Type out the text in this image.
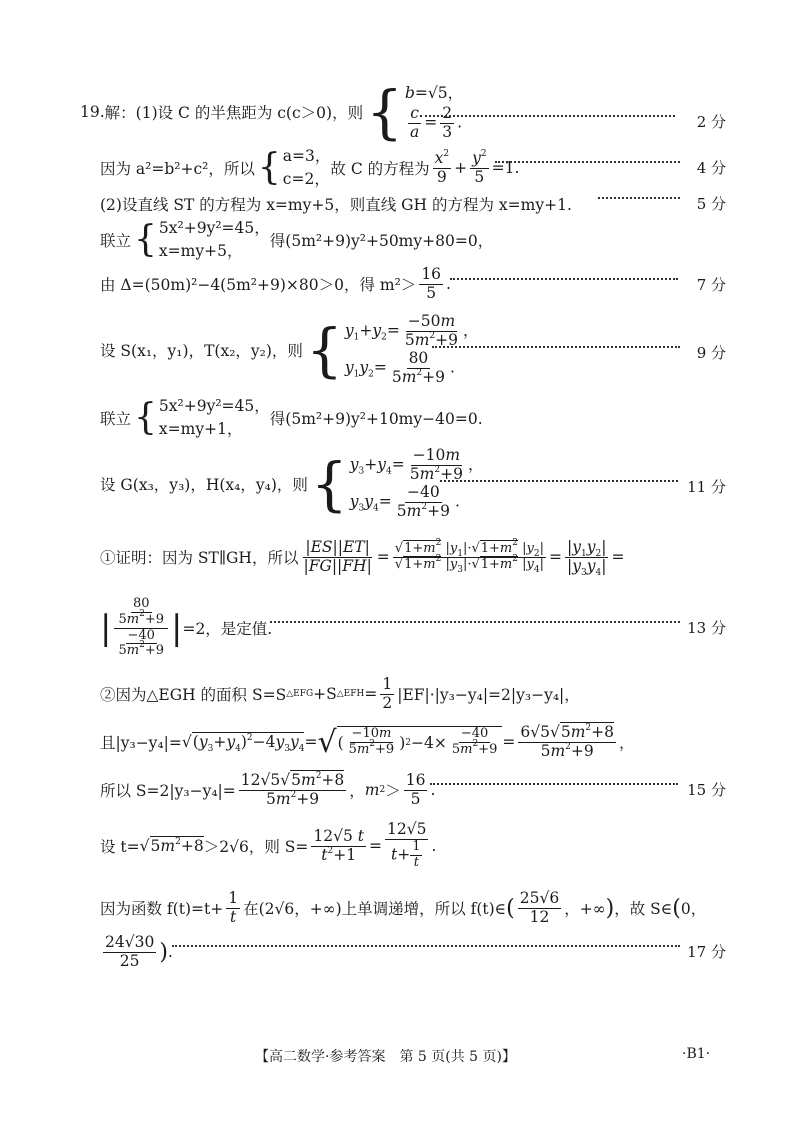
19. 解：(1)设 C 的半焦距为 c(c＞0)，则 { b=√5，
$\frac{c}{a} = \frac{2}{3}$ .	2 分
因为 a²=b²+c²，所以 { a=3，
c=2，
故 C 的方程为 $\frac{x^2}{9} + \frac{y^2}{5} =1$.	4 分
(2)设直线 ST 的方程为 x=my+5，则直线 GH 的方程为 x=my+1.	5 分
联立 { 5x²+9y²=45，
x=my+5，
得(5m²+9)y²+50my+80=0，
由 Δ=(50m)²−4(5m²+9)×80＞0，得 $m^2> \frac{16}{5}$ .	7 分
设 S(x₁，y₁)，T(x₂，y₂)，则 { $y_1+y_2= \frac{-50m}{5m^2+9}$ ，
$y_1y_2= \frac{80}{5m^2+9}$ .
9 分
联立 { 5x²+9y²=45，
x=my+1，
得(5m²+9)y²+10my−40=0.
设 G(x₃，y₃)，H(x₄，y₄)，则 { $y_3+y_4= \frac{-10m}{5m^2+9}$ ，
$y_3y_4= \frac{-40}{5m^2+9}$ .
11 分
①证明：因为 ST∥GH，所以 $\frac{|ES||ET|}{|FG||FH|} = \frac{√1+m^2 |y_1|\cdot√1+m^2 |y_2|}{√1+m^2 |y_3|\cdot√1+m^2 |y_4|} = \frac{|y_1y_2|}{|y_3y_4|}$ =
| $\frac{\frac{80}{5m^2+9}}{\frac{-40}{5m^2+9}}$ | =2，是定值.	13 分
②因为△EGH 的面积 S=S △EFG +S △EFH = $\frac{1}{2} |EF|\cdot|y_3-y_4|=2|y_3-y_4|$，
且$|y_3-y_4|= √(y_3+y_4)^2-4y_3y_4$ = √ ( $\frac{-10m}{5m^2+9}$ ) $2 -4\times \frac{-40}{5m^2+9} = \frac{6√5√5m^2+8}{5m^2+9}$ ，
所以 $S=2|y_3-y_4|= \frac{12√5√5m^2+8}{5m^2+9}$ ， m $2 > \frac{16}{5}$ .	15 分
设 $t= √5m^2+8 >2√6$，则 $S= \frac{12√5 t}{t^2+1} = \frac{12√5}{t+ \frac{1}{t}}$ .
因为函数 $f(t)=t+ \frac{1}{t}$ 在(2√6，+∞)上单调递增，所以 f(t)∈ ( $\frac{25√6}{12}$ ，+∞ ) ，故 S∈ ( 0，
$\frac{24√30}{25}$ ) .	17 分
【高二数学·参考答案　第 5 页(共 5 页)】	·B1·
